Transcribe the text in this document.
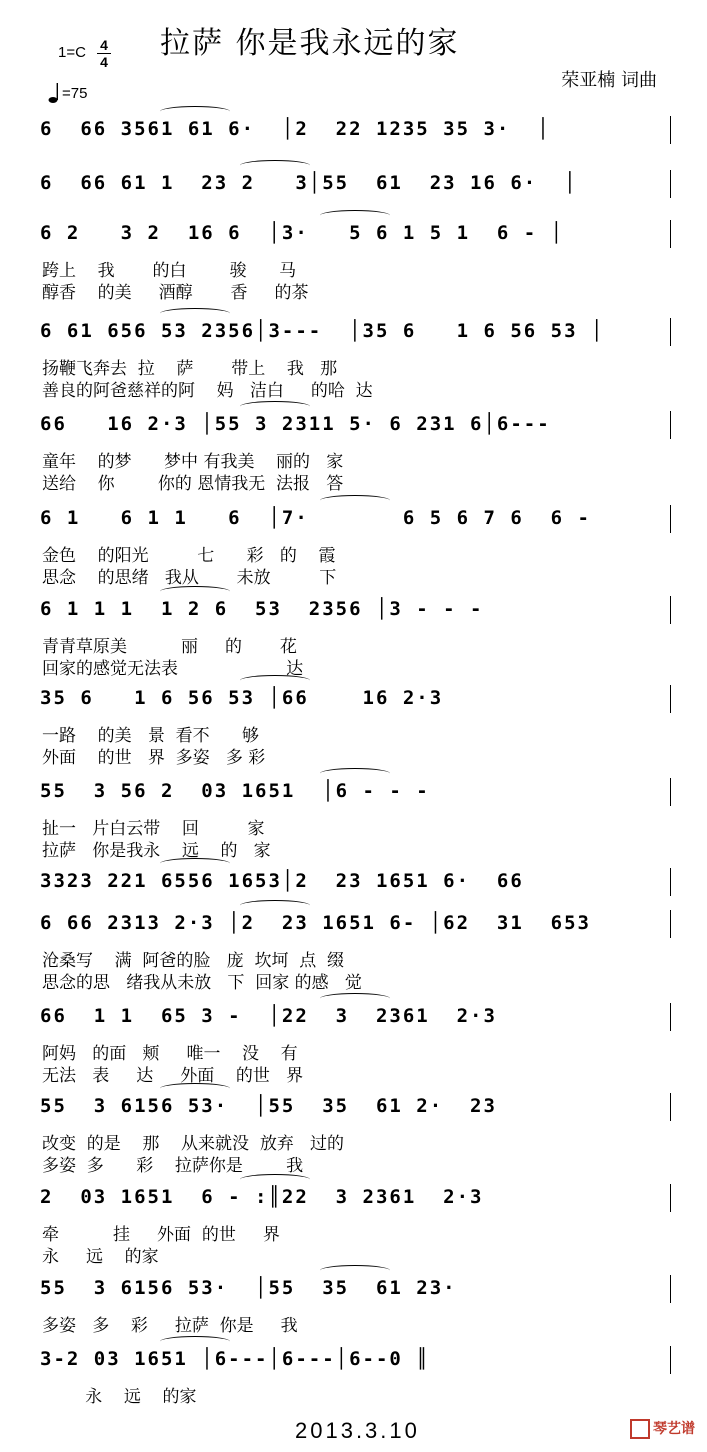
拉萨 你是我永远的家
1=C 4
4
=75
荣亚楠 词曲
6  66 3561 61 6·  │2  22 1235 35 3·  │
6  66 61 1  23 2   3│55  61  23 16 6·  │
6 2   3 2  16 6  │3·   5 6 1 5 1  6 - │
跨上    我       的白        骏      马
醇香    的美     酒醇       香     的茶
6 61 656 53 2356│3---  │35 6   1 6 56 53 │
扬鞭飞奔去  拉    萨       带上    我   那
善良的阿爸慈祥的阿    妈   洁白     的哈  达
66   16 2·3 │55 3 2311 5· 6 231 6│6---
童年    的梦      梦中 有我美    丽的   家
送给    你        你的 恩情我无  法报   答
6 1   6 1 1   6  │7·       6 5 6 7 6  6 -
金色    的阳光         七      彩   的    霞
思念    的思绪   我从       未放         下
6 1 1 1  1 2 6  53  2356 │3 - - -
青青草原美          丽     的       花
回家的感觉无法表                    达
35 6   1 6 56 53 │66    16 2·3
一路    的美   景  看不      够
外面    的世   界  多姿   多 彩
55  3 56 2  03 1651  │6 - - -
扯一   片白云带    回         家
拉萨   你是我永    远    的   家
3323 221 6556 1653│2  23 1651 6·  66
6 66 2313 2·3 │2  23 1651 6- │62  31  653
沧桑写    满  阿爸的脸   庞  坎坷  点  缀
思念的思   绪我从未放   下  回家 的感   觉
66  1 1  65 3 -  │22  3  2361  2·3
阿妈   的面   颊     唯一    没    有
无法   表     达     外面    的世   界
55  3 6156 53·  │55  35  61 2·  23
改变  的是    那    从来就没  放弃   过的
多姿  多      彩    拉萨你是        我
2  03 1651  6 - :║22  3 2361  2·3
牵          挂     外面  的世     界
永     远    的家
55  3 6156 53·  │55  35  61 23·
多姿   多    彩     拉萨  你是     我
3-2 03 1651 │6---│6---│6--0 ║
永    远    的家
2013.3.10	琴艺谱
